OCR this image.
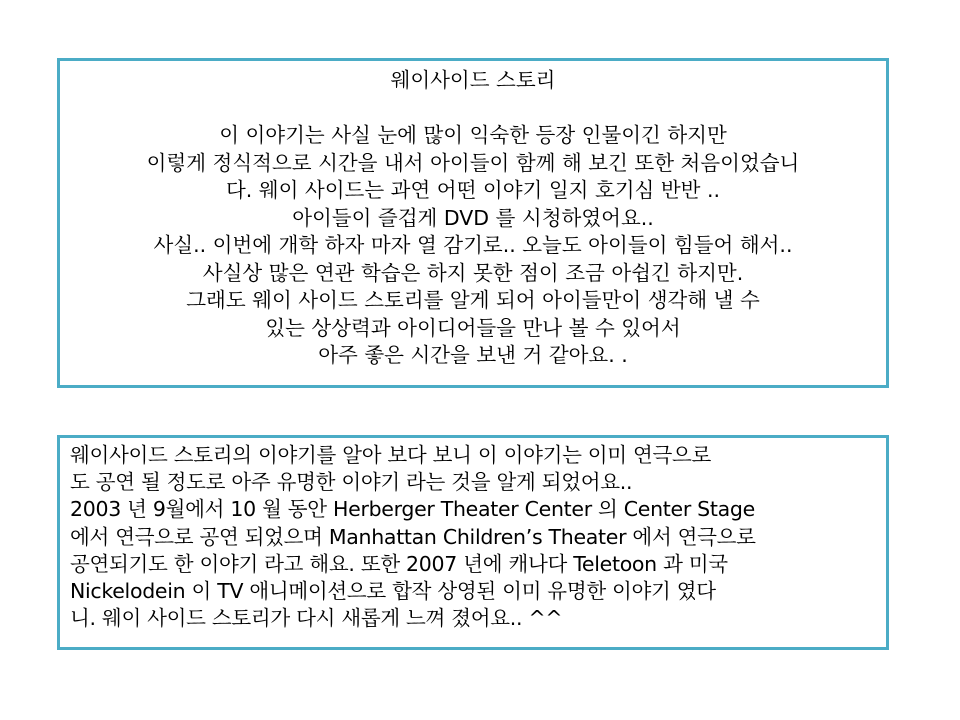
웨이사이드 스토리
이 이야기는 사실 눈에 많이 익숙한 등장 인물이긴 하지만
이렇게 정식적으로 시간을 내서 아이들이 함께 해 보긴 또한 처음이었습니
다. 웨이 사이드는 과연 어떤 이야기 일지 호기심 반반 ..
아이들이 즐겁게 DVD 를 시청하였어요..
사실.. 이번에 개학 하자 마자 열 감기로.. 오늘도 아이들이 힘들어 해서..
사실상 많은 연관 학습은 하지 못한 점이 조금 아쉽긴 하지만.
그래도 웨이 사이드 스토리를 알게 되어 아이들만이 생각해 낼 수
있는 상상력과 아이디어들을 만나 볼 수 있어서
아주 좋은 시간을 보낸 거 같아요. .
웨이사이드 스토리의 이야기를 알아 보다 보니 이 이야기는 이미 연극으로
도 공연 될 정도로 아주 유명한 이야기 라는 것을 알게 되었어요..
2003 년 9월에서 10 월 동안 Herberger Theater Center 의 Center Stage
에서 연극으로 공연 되었으며 Manhattan Children’s Theater 에서 연극으로
공연되기도 한 이야기 라고 해요. 또한 2007 년에 캐나다 Teletoon 과 미국
Nickelodein 이 TV 애니메이션으로 합작 상영된 이미 유명한 이야기 였다
니. 웨이 사이드 스토리가 다시 새롭게 느껴 졌어요.. ^^
